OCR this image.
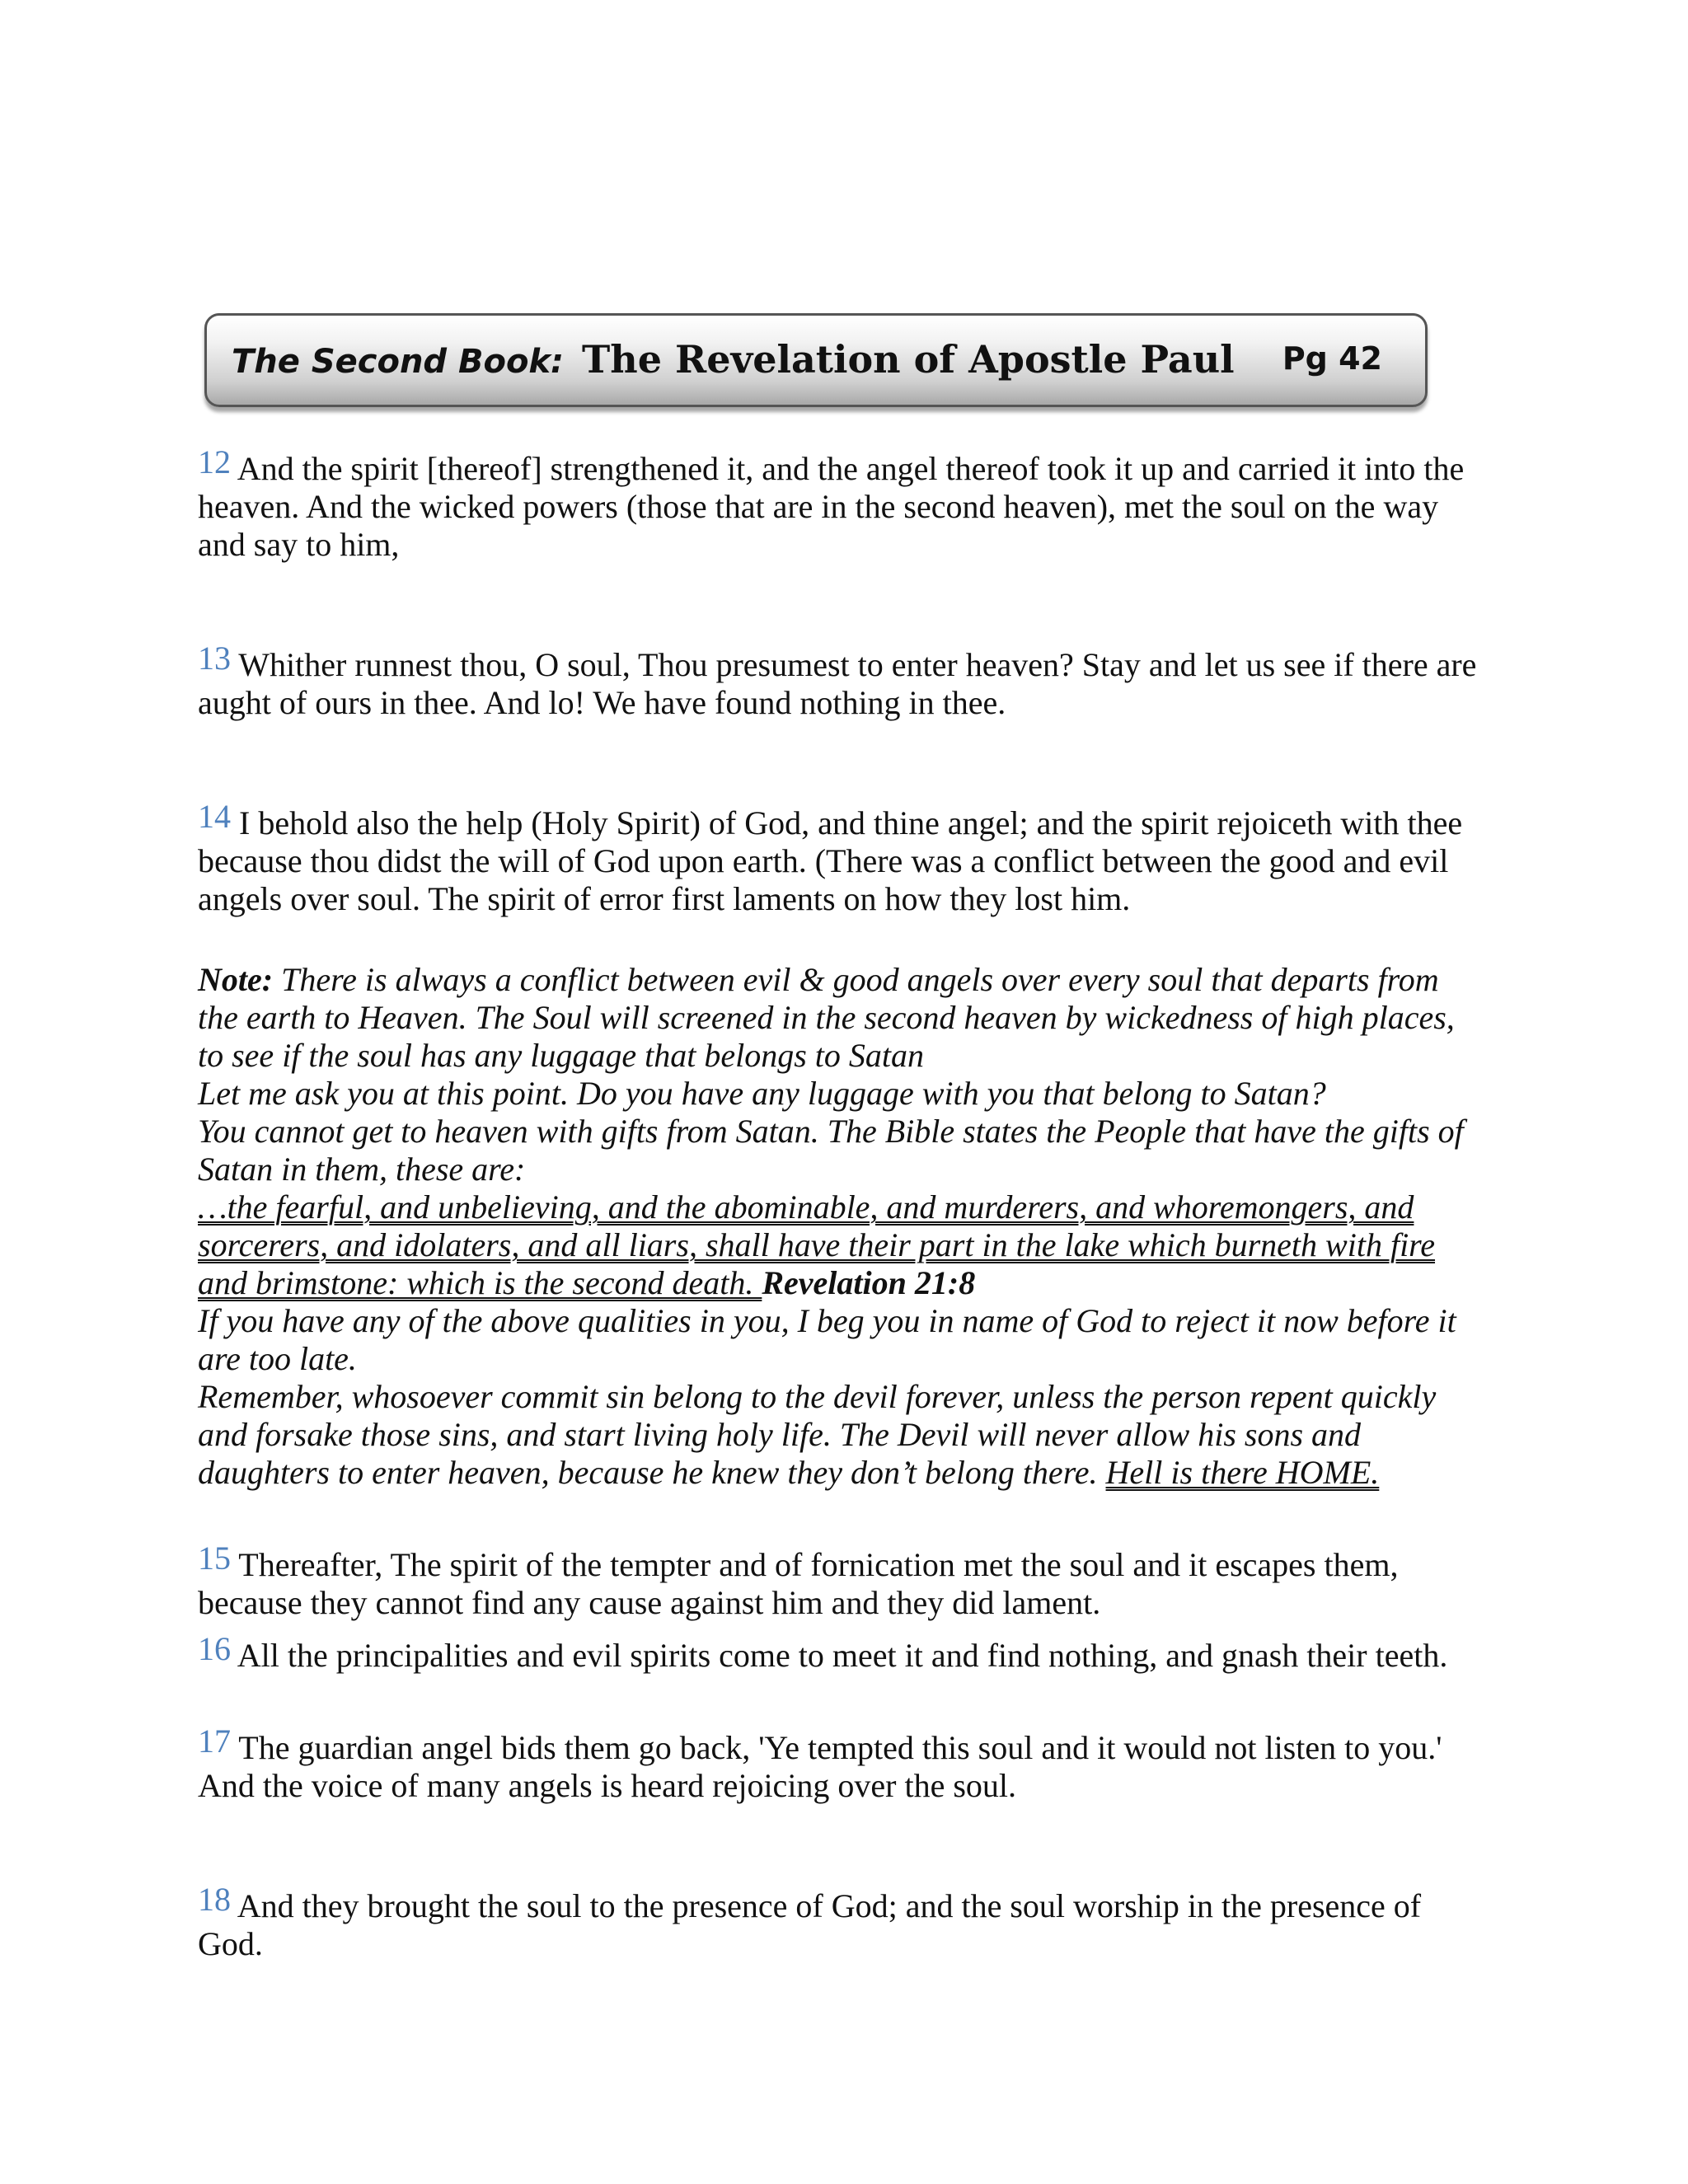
The Second Book: The Revelation of Apostle Paul Pg 42

12 And the spirit [thereof] strengthened it, and the angel thereof took it up and carried it into the heaven. And the wicked powers (those that are in the second heaven), met the soul on the way and say to him,

13 Whither runnest thou, O soul, Thou presumest to enter heaven? Stay and let us see if there are aught of ours in thee. And lo! We have found nothing in thee.

14 I behold also the help (Holy Spirit) of God, and thine angel; and the spirit rejoiceth with thee because thou didst the will of God upon earth. (There was a conflict between the good and evil angels over soul. The spirit of error first laments on how they lost him.

Note: There is always a conflict between evil & good angels over every soul that departs from the earth to Heaven. The Soul will screened in the second heaven by wickedness of high places, to see if the soul has any luggage that belongs to Satan

Let me ask you at this point. Do you have any luggage with you that belong to Satan?

You cannot get to heaven with gifts from Satan. The Bible states the People that have the gifts of Satan in them, these are:

…the fearful, and unbelieving, and the abominable, and murderers, and whoremongers, and sorcerers, and idolaters, and all liars, shall have their part in the lake which burneth with fire and brimstone: which is the second death. Revelation 21:8

If you have any of the above qualities in you, I beg you in name of God to reject it now before it are too late.

Remember, whosoever commit sin belong to the devil forever, unless the person repent quickly and forsake those sins, and start living holy life. The Devil will never allow his sons and daughters to enter heaven, because he knew they don’t belong there. Hell is there HOME.

15 Thereafter, The spirit of the tempter and of fornication met the soul and it escapes them, because they cannot find any cause against him and they did lament.

16 All the principalities and evil spirits come to meet it and find nothing, and gnash their teeth.

17 The guardian angel bids them go back, 'Ye tempted this soul and it would not listen to you.' And the voice of many angels is heard rejoicing over the soul.

18 And they brought the soul to the presence of God; and the soul worship in the presence of God.
